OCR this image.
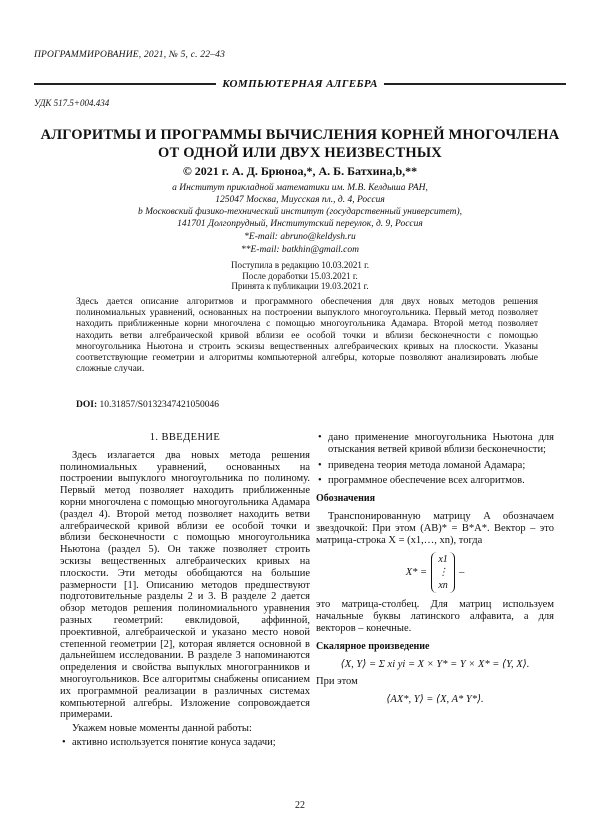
ПРОГРАММИРОВАНИЕ, 2021, № 5, с. 22–43
КОМПЬЮТЕРНАЯ АЛГЕБРА
УДК 517.5+004.434
АЛГОРИТМЫ И ПРОГРАММЫ ВЫЧИСЛЕНИЯ КОРНЕЙ МНОГОЧЛЕНА
ОТ ОДНОЙ ИЛИ ДВУХ НЕИЗВЕСТНЫХ
© 2021 г. А. Д. Брюноa,*, А. Б. Батхинa,b,**
a Институт прикладной математики им. М.В. Келдыша РАН,
125047 Москва, Миусская пл., д. 4, Россия
b Московский физико-технический институт (государственный университет),
141701 Долгопрудный, Институтский переулок, д. 9, Россия
*E-mail: abruno@keldysh.ru
**E-mail: batkhin@gmail.com
Поступила в редакцию 10.03.2021 г.
После доработки 15.03.2021 г.
Принята к публикации 19.03.2021 г.
Здесь дается описание алгоритмов и программного обеспечения для двух новых методов решения полиномиальных уравнений, основанных на построении выпуклого многоугольника. Первый метод позволяет находить приближенные корни многочлена с помощью многоугольника Адамара. Второй метод позволяет находить ветви алгебраической кривой вблизи ее особой точки и вблизи бесконечности с помощью многоугольника Ньютона и строить эскизы вещественных алгебраических кривых на плоскости. Указаны соответствующие геометрии и алгоритмы компьютерной алгебры, которые позволяют анализировать любые сложные случаи.
DOI: 10.31857/S0132347421050046
1. ВВЕДЕНИЕ

Здесь излагается два новых метода решения полиномиальных уравнений, основанных на построении выпуклого многоугольника по полиному. Первый метод позволяет находить приближенные корни многочлена с помощью многоугольника Адамара (раздел 4). Второй метод позволяет находить ветви алгебраической кривой вблизи ее особой точки и вблизи бесконечности с помощью многоугольника Ньютона (раздел 5). Он также позволяет строить эскизы вещественных алгебраических кривых на плоскости. Эти методы обобщаются на большие размерности [1]. Описанию методов предшествуют подготовительные разделы 2 и 3. В разделе 2 дается обзор методов решения полиномиального уравнения разных геометрий: евклидовой, аффинной, проективной, алгебраической и указано место новой степенной геометрии [2], которая является основной в дальнейшем исследовании. В разделе 3 напоминаются определения и свойства выпуклых многогранников и многоугольников. Все алгоритмы снабжены описанием их программной реализации в различных системах компьютерной алгебры. Изложение сопровождается примерами.

Укажем новые моменты данной работы:

• активно используется понятие конуса задачи;
• дано применение многоугольника Ньютона для отыскания ветвей кривой вблизи бесконечности;
• приведена теория метода ломаной Адамара;
• программное обеспечение всех алгоритмов.
Обозначения

Транспонированную матрицу A обозначаем звездочкой: При этом (AB)* = B*A*. Вектор – это матрица-строка X = (x1,…, xn), тогда

X* =
x1
⋮
xn
–

это матрица-столбец. Для матриц используем начальные буквы латинского алфавита, а для векторов – конечные.

Скалярное произведение
⟨X, Y⟩ = Σ xi yi = X × Y* = Y × X* = ⟨Y, X⟩.

При этом

⟨AX*, Y⟩ = ⟨X, A* Y*⟩.
22
